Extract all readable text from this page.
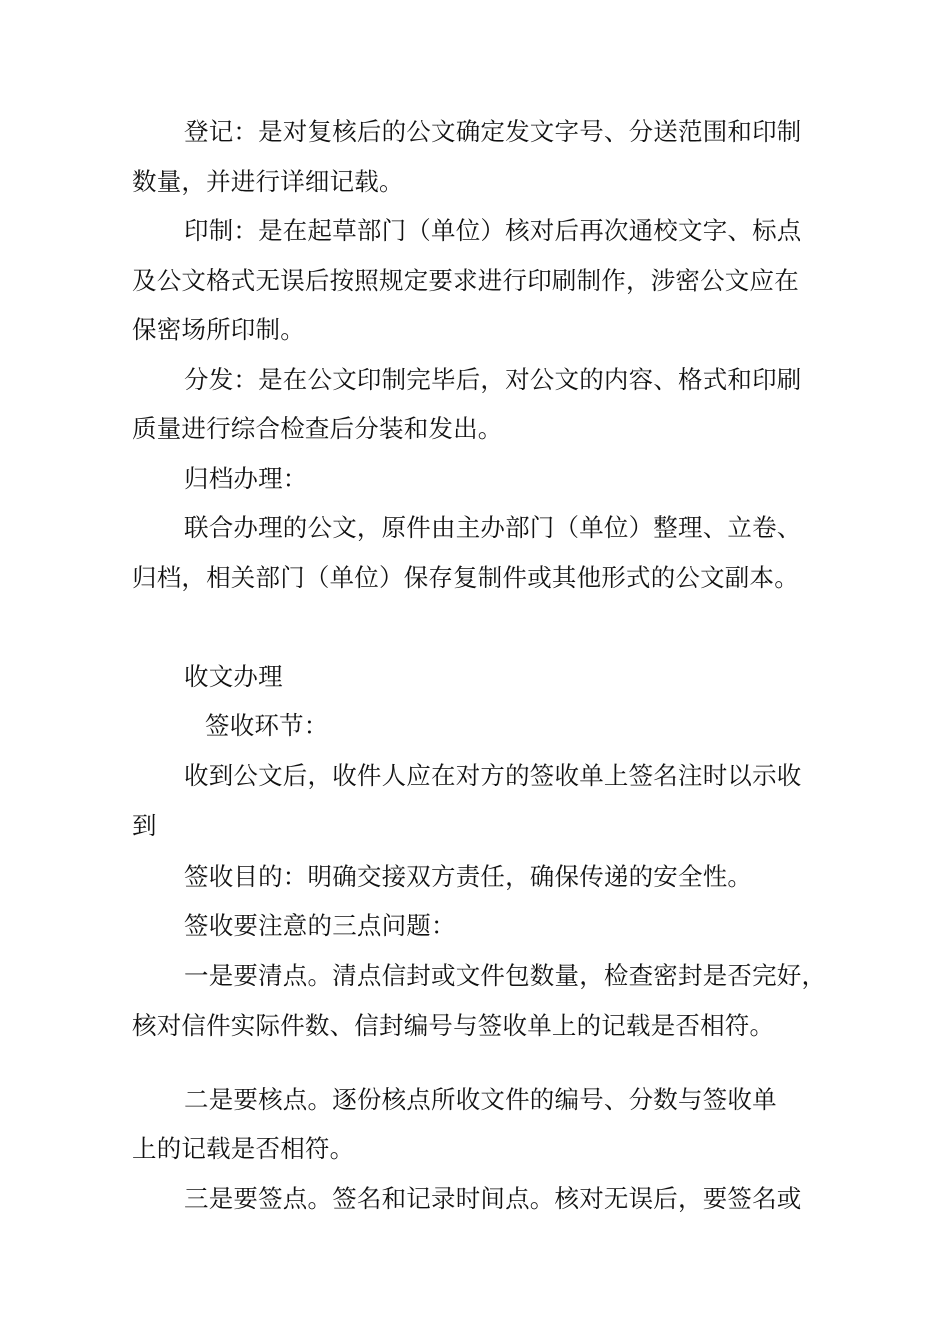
登记：是对复核后的公文确定发文字号、分送范围和印制
数量，并进行详细记载。
印制：是在起草部门（单位）核对后再次通校文字、标点
及公文格式无误后按照规定要求进行印刷制作，涉密公文应在
保密场所印制。
分发：是在公文印制完毕后，对公文的内容、格式和印刷
质量进行综合检查后分装和发出。
归档办理：
联合办理的公文，原件由主办部门（单位）整理、立卷、
归档，相关部门（单位）保存复制件或其他形式的公文副本。
收文办理
签收环节：
收到公文后，收件人应在对方的签收单上签名注时以示收
到
签收目的：明确交接双方责任，确保传递的安全性。
签收要注意的三点问题：
一是要清点。清点信封或文件包数量，检查密封是否完好，
核对信件实际件数、信封编号与签收单上的记载是否相符。
二是要核点。逐份核点所收文件的编号、分数与签收单
上的记载是否相符。
三是要签点。签名和记录时间点。核对无误后，要签名或
